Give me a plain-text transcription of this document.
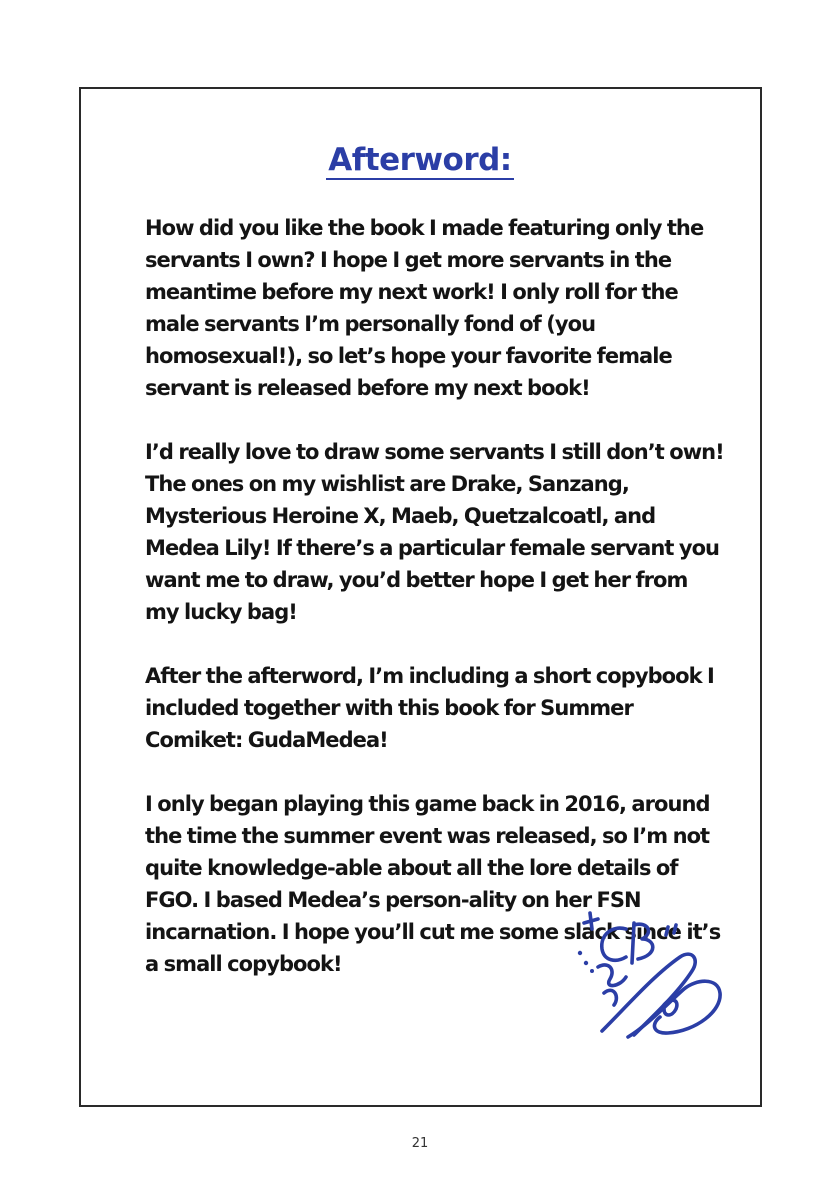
Afterword:

How did you like the book I made featuring only the servants I own? I hope I get more servants in the meantime before my next work! I only roll for the male servants I’m personally fond of (you homosexual!), so let’s hope your favorite female servant is released before my next book!

I’d really love to draw some servants I still don’t own! The ones on my wishlist are Drake, Sanzang, Mysterious Heroine X, Maeb, Quetzalcoatl, and Medea Lily! If there’s a particular female servant you want me to draw, you’d better hope I get her from my lucky bag!

After the afterword, I’m including a short copybook I included together with this book for Summer Comiket: GudaMedea!

I only began playing this game back in 2016, around the time the summer event was released, so I’m not quite knowledge-able about all the lore details of FGO. I based Medea’s person-ality on her FSN incarnation. I hope you’ll cut me some slack since it’s a small copybook!

21
